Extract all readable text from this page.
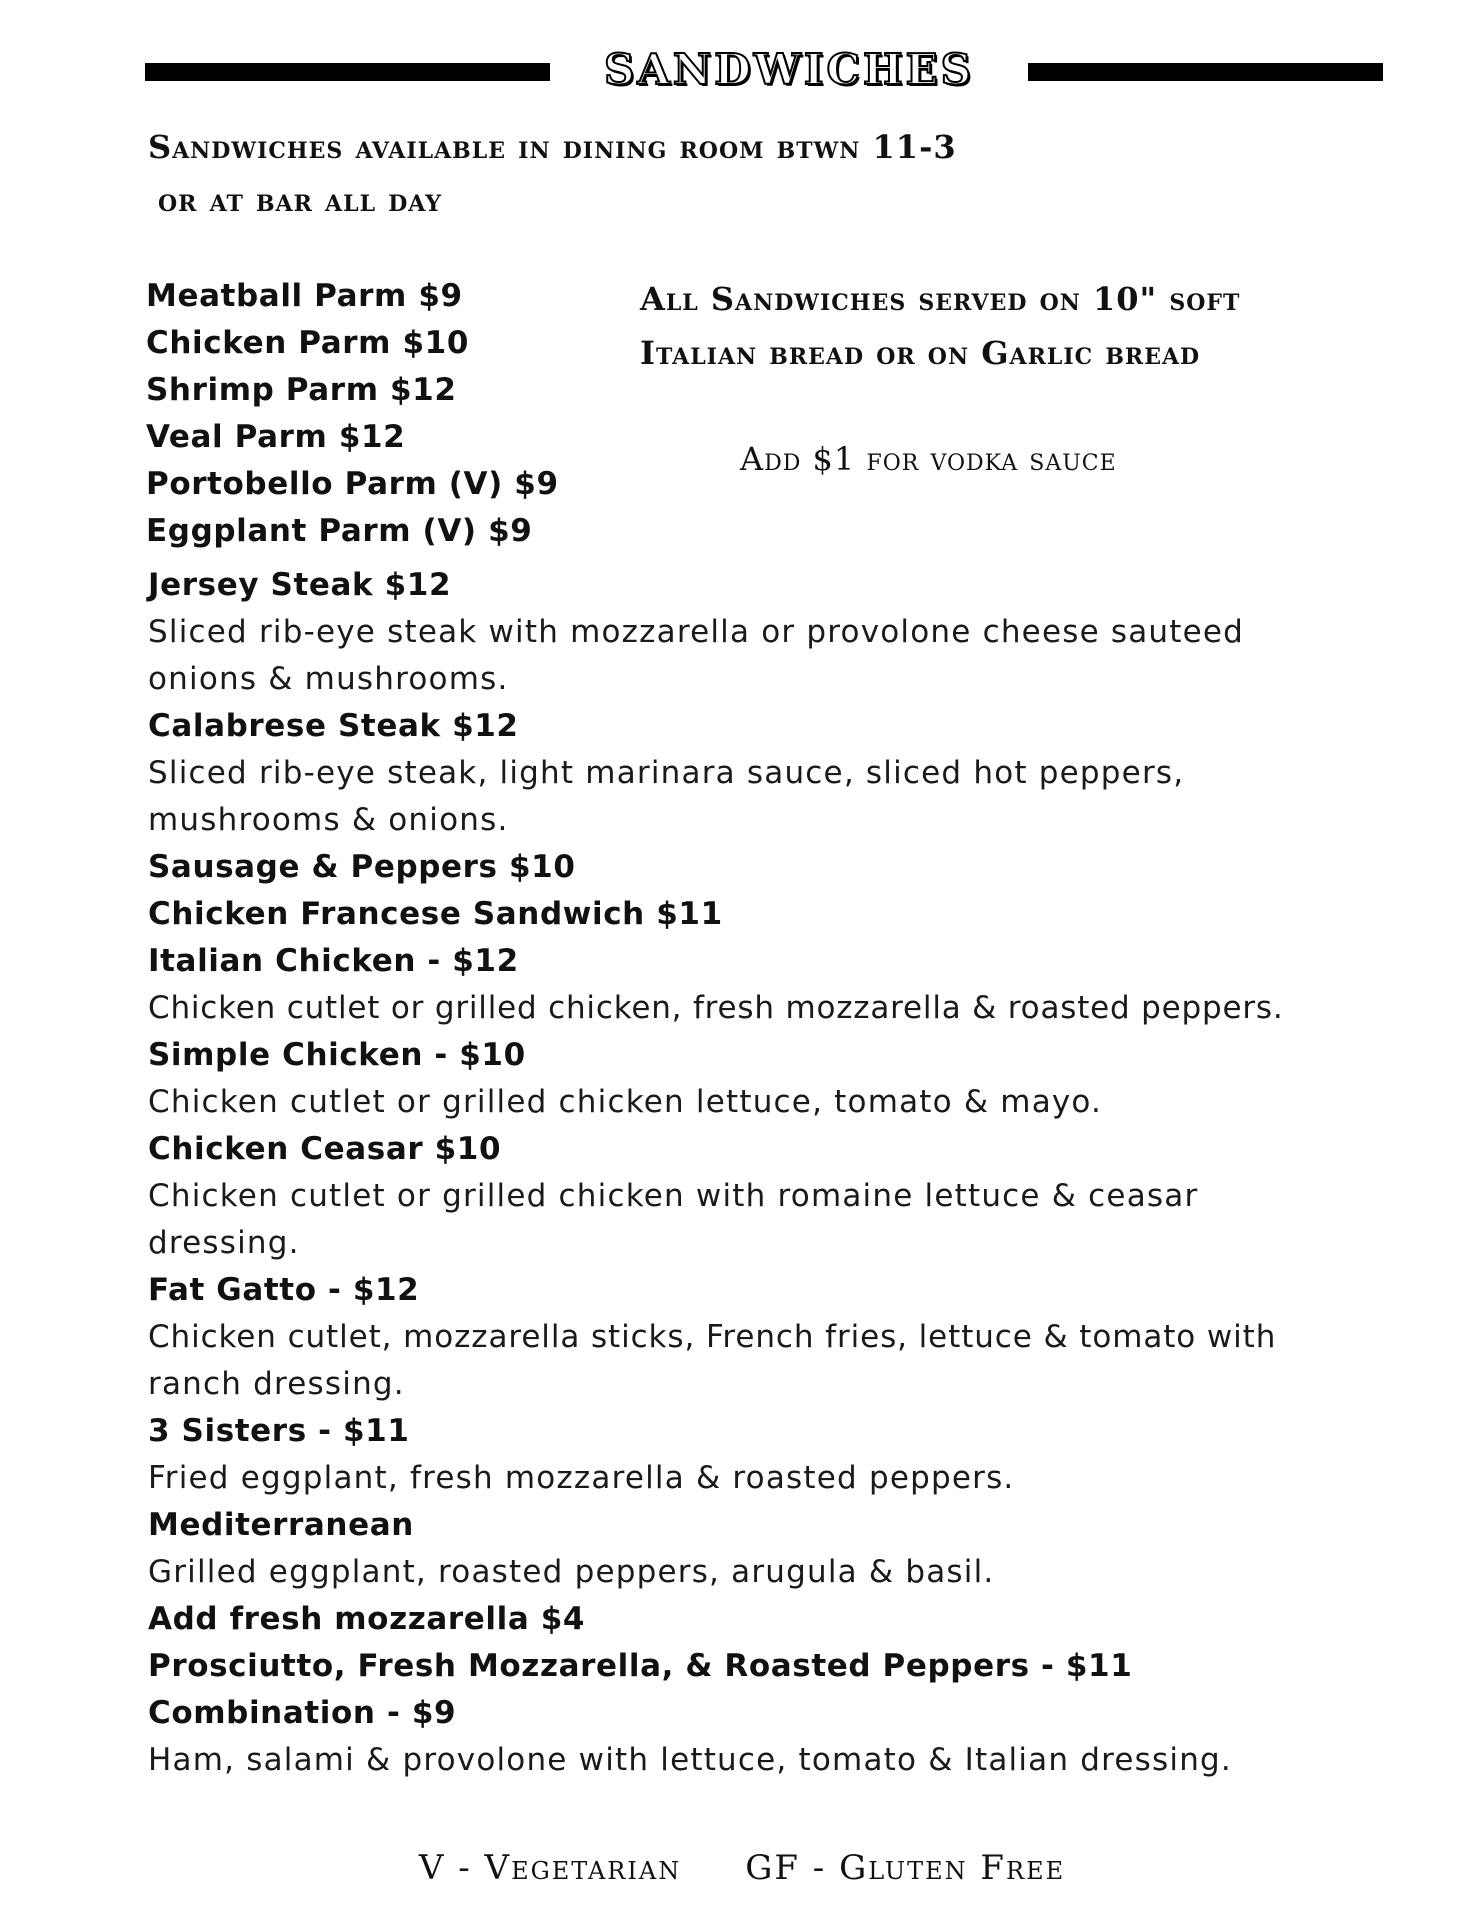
SANDWICHES

Sandwiches available in dining room btwn 11-3

or at bar all day

Meatball Parm $9

Chicken Parm $10

Shrimp Parm $12

Veal Parm $12

Portobello Parm (V) $9

Eggplant Parm (V) $9

All Sandwiches served on 10" soft

Italian bread or on Garlic bread

Add $1 for vodka sauce

Jersey Steak $12

Sliced rib-eye steak with mozzarella or provolone cheese sauteed

onions & mushrooms.

Calabrese Steak $12

Sliced rib-eye steak, light marinara sauce, sliced hot peppers,

mushrooms & onions.

Sausage & Peppers $10

Chicken Francese Sandwich $11

Italian Chicken - $12

Chicken cutlet or grilled chicken, fresh mozzarella & roasted peppers.

Simple Chicken - $10

Chicken cutlet or grilled chicken lettuce, tomato & mayo.

Chicken Ceasar $10

Chicken cutlet or grilled chicken with romaine lettuce & ceasar

dressing.

Fat Gatto - $12

Chicken cutlet, mozzarella sticks, French fries, lettuce & tomato with

ranch dressing.

3 Sisters - $11

Fried eggplant, fresh mozzarella & roasted peppers.

Mediterranean

Grilled eggplant, roasted peppers, arugula & basil.

Add fresh mozzarella $4

Prosciutto, Fresh Mozzarella, & Roasted Peppers - $11

Combination - $9

Ham, salami & provolone with lettuce, tomato & Italian dressing.

V - Vegetarian     GF - Gluten Free
